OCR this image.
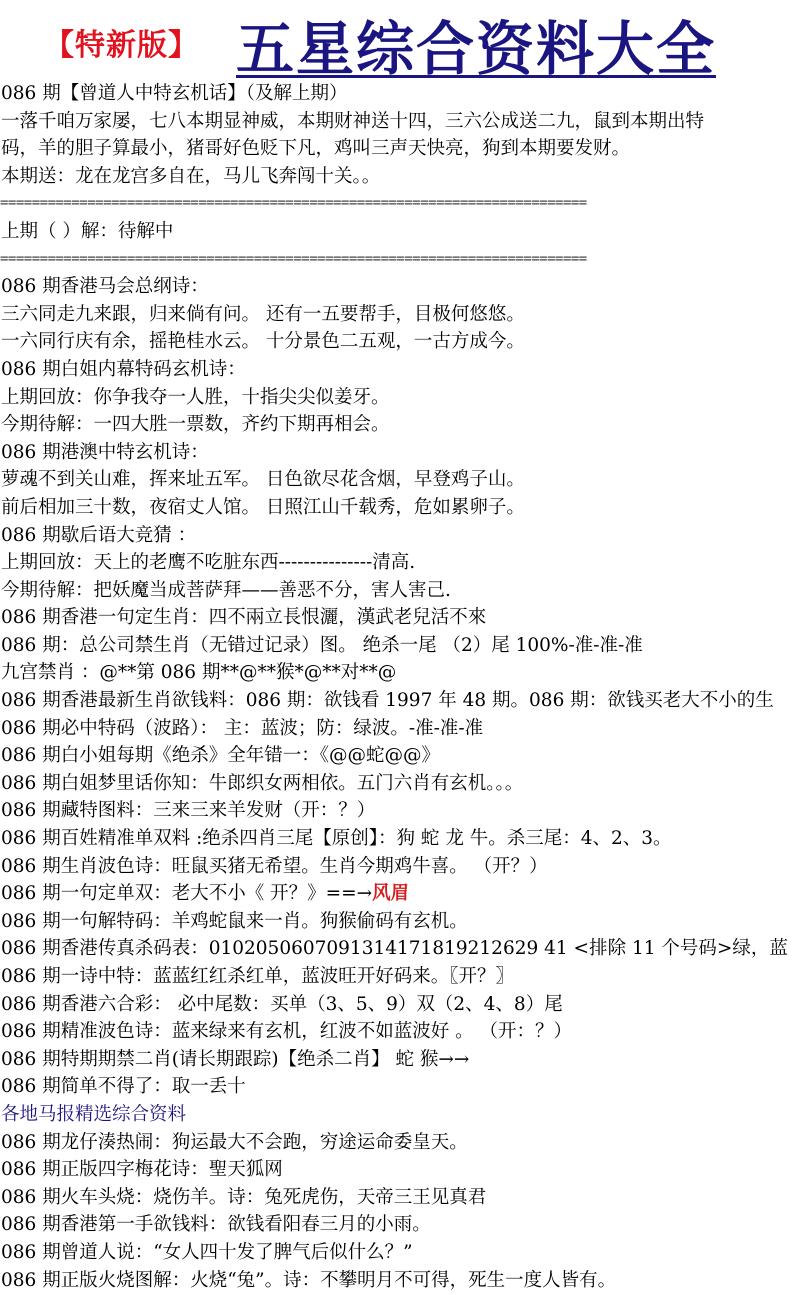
【特新版】 五星综合资料大全
086 期【曾道人中特玄机话】（及解上期）
一落千咱万家屡，七八本期显神威，本期财神送十四，三六公成送二九，鼠到本期出特
码，羊的胆子算最小，猪哥好色贬下凡，鸡叫三声天快亮，狗到本期要发财。
本期送：龙在龙宫多自在，马儿飞奔闯十关。。
==========================================================================
上期（ ）解：待解中
==========================================================================
086 期香港马会总纲诗：
三六同走九来跟，归来倘有问。 还有一五要帮手，目极何悠悠。
一六同行庆有余，摇艳桂水云。 十分景色二五观，一古方成今。
086 期白姐内幕特码玄机诗：
上期回放：你争我夺一人胜，十指尖尖似姜牙。
今期待解：一四大胜一票数，齐约下期再相会。
086 期港澳中特玄机诗：
萝魂不到关山难，挥来址五军。 日色欲尽花含烟，早登鸡子山。
前后相加三十数，夜宿丈人馆。 日照江山千载秀，危如累卵子。
086 期歇后语大竞猜 ：
上期回放：天上的老鹰不吃脏东西---------------清高.
今期待解：把妖魔当成菩萨拜——善恶不分，害人害己.
086 期香港一句定生肖：四不兩立長恨灑，漢武老兒活不來
086 期：总公司禁生肖（无错过记录）图。 绝杀一尾 （2）尾 100%-准-准-准
九宫禁肖 ：@**第 086 期**@**猴*@**对**@
086 期香港最新生肖欲钱料：086 期：欲钱看 1997 年 48 期。086 期：欲钱买老大不小的生
086 期必中特码（波路）： 主：蓝波；防：绿波。-准-准-准
086 期白小姐每期《绝杀》全年错一：《@@蛇@@》
086 期白姐梦里话你知：牛郎织女两相依。五门六肖有玄机。。。
086 期藏特图料：三来三来羊发财（开：？）
086 期百姓精准单双料 :绝杀四肖三尾【原创】：狗 蛇 龙 牛。杀三尾：4、2、3。
086 期生肖波色诗：旺鼠买猪无希望。生肖今期鸡牛喜。 （开？）
086 期一句定单双：老大不小《 开？》==→风眉
086 期一句解特码：羊鸡蛇鼠来一肖。狗猴偷码有玄机。
086 期香港传真杀码表：0102050607091314171819212629 41 <排除 11 个号码>绿，蓝
086 期一诗中特：蓝蓝红红杀红单，蓝波旺开好码来。〖开？〗
086 期香港六合彩： 必中尾数：买单（3、5、9）双（2、4、8）尾
086 期精准波色诗：蓝来绿来有玄机，红波不如蓝波好 。 （开：？）
086 期特期期禁二肖(请长期跟踪)【绝杀二肖】 蛇 猴→→
086 期简单不得了：取一丢十
各地马报精选综合资料
086 期龙仔湊热闹：狗运最大不会跑，穷途运命委皇天。
086 期正版四字梅花诗：聖天狐网
086 期火车头烧：烧伤羊。诗：兔死虎伤，天帝三王见真君
086 期香港第一手欲钱料：欲钱看阳春三月的小雨。
086 期曾道人说：“女人四十发了脾气后似什么？”
086 期正版火烧图解：火烧“兔”。诗：不攀明月不可得，死生一度人皆有。
